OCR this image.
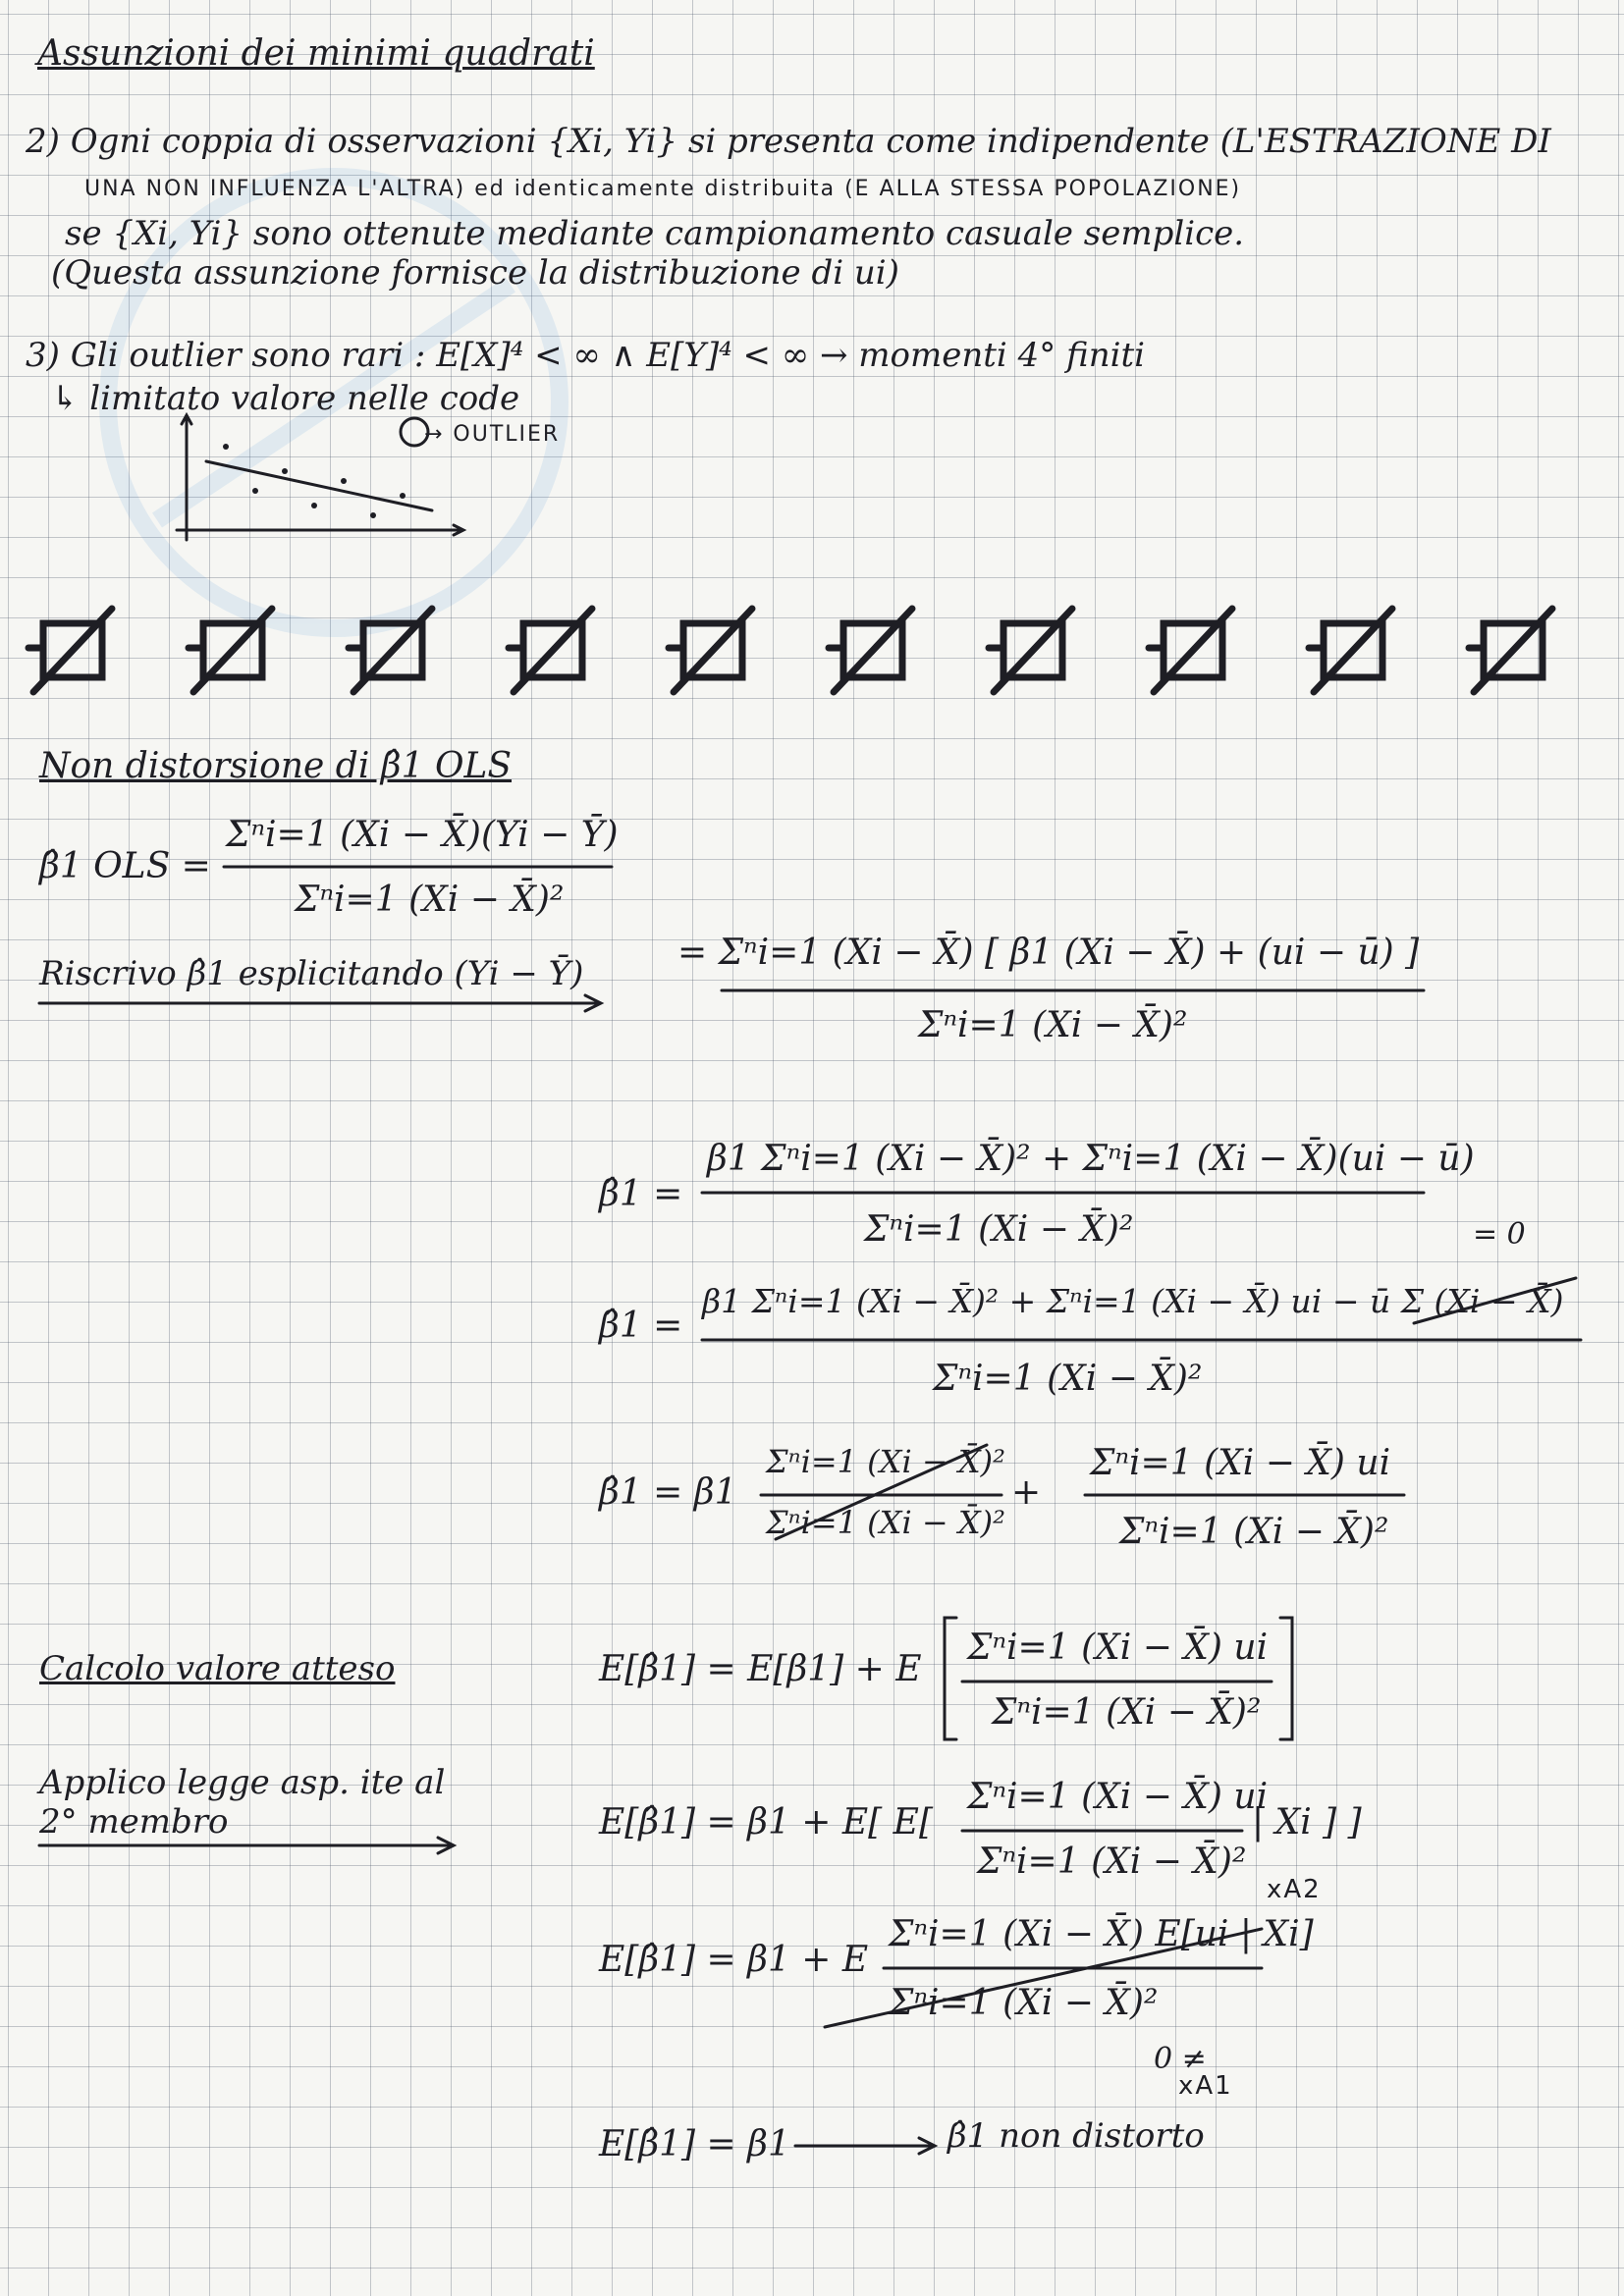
Assunzioni dei minimi quadrati
2) Ogni coppia di osservazioni {Xi, Yi} si presenta come indipendente (L'ESTRAZIONE DI
UNA NON INFLUENZA L'ALTRA) ed identicamente distribuita (E ALLA STESSA POPOLAZIONE)
se {Xi, Yi} sono ottenute mediante campionamento casuale semplice.
(Questa assunzione fornisce la distribuzione di ui)
3) Gli outlier sono rari : E[X]⁴ < ∞ ∧ E[Y]⁴ < ∞ → momenti 4° finiti
↳ limitato valore nelle code
→ OUTLIER
Non distorsione di β̂1 OLS
β̂1 OLS =
Σⁿi=1 (Xi − X̄)(Yi − Ȳ)
Σⁿi=1 (Xi − X̄)²
Riscrivo β̂1 esplicitando (Yi − Ȳ)
= Σⁿi=1 (Xi − X̄) [ β1 (Xi − X̄) + (ui − ū) ]
Σⁿi=1 (Xi − X̄)²
β̂1 =
β1 Σⁿi=1 (Xi − X̄)² + Σⁿi=1 (Xi − X̄)(ui − ū)
Σⁿi=1 (Xi − X̄)²	= 0
β̂1 =
β1 Σⁿi=1 (Xi − X̄)² + Σⁿi=1 (Xi − X̄) ui − ū Σ (Xi − X̄)
Σⁿi=1 (Xi − X̄)²
β̂1 = β1
Σⁿi=1 (Xi − X̄)²
Σⁿi=1 (Xi − X̄)²
+
Σⁿi=1 (Xi − X̄) ui
Σⁿi=1 (Xi − X̄)²
Calcolo valore atteso	E[β̂1] = E[β1] + E
Σⁿi=1 (Xi − X̄) ui
Σⁿi=1 (Xi − X̄)²
Applico legge asp. ite al
2° membro	E[β̂1] = β1 + E[ E[
Σⁿi=1 (Xi − X̄) ui
Σⁿi=1 (Xi − X̄)²
| Xi ] ]
xA2
E[β̂1] = β1 + E
Σⁿi=1 (Xi − X̄) E[ui | Xi]
Σⁿi=1 (Xi − X̄)²
0 ≠
xA1
E[β̂1] = β1	β̂1 non distorto
